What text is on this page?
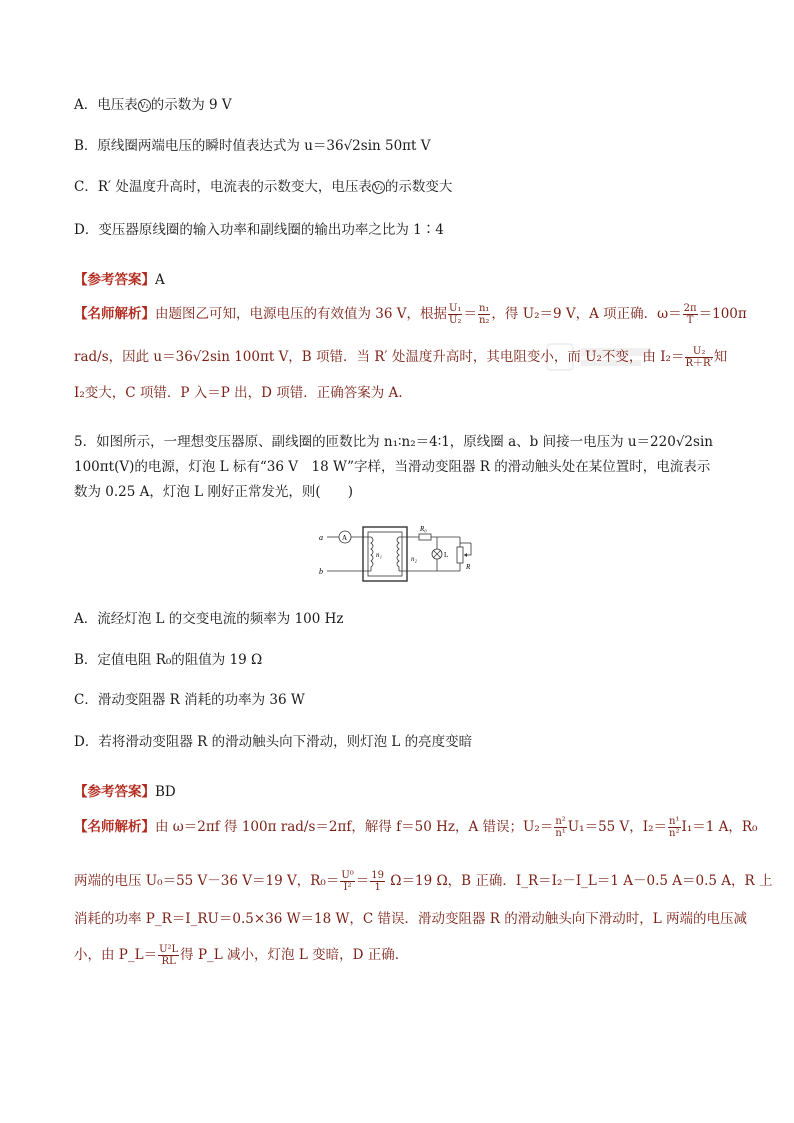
A．电压表 V₂ 的示数为 9 V
B．原线圈两端电压的瞬时值表达式为 u＝36√2sin 50πt V
C．R′ 处温度升高时，电流表的示数变大，电压表 V₂ 的示数变大
D．变压器原线圈的输入功率和副线圈的输出功率之比为 1∶4
【参考答案】A
【名师解析】由题图乙可知，电源电压的有效值为 36 V，根据 $\frac{\text{U₁}}{\text{U₂}} = \frac{\text{n₁}}{\text{n₂}}$ ，得 U₂＝9 V，A 项正确．$\omega= \frac{2\pi}{T} =100\pi$
rad/s，因此 u＝36√2sin 100πt V，B 项错．当 R′ 处温度升高时，其电阻变小，而 U₂不变，由 $I_2= \frac{\text{U₂}}{R+R'}$ 知
I₂变大，C 项错．P 入＝P 出，D 项错．正确答案为 A.
5．如图所示，一理想变压器原、副线圈的匝数比为 n₁∶n₂＝4∶1，原线圈 a、b 间接一电压为 u＝220√2sin
100πt(V)的电源，灯泡 L 标有“36 V　18 W”字样，当滑动变阻器 R 的滑动触头处在某位置时，电流表示
数为 0.25 A，灯泡 L 刚好正常发光，则(　　)
a
b
A
n₁
R₀
n₂	L
R
A．流经灯泡 L 的交变电流的频率为 100 Hz
B．定值电阻 R₀的阻值为 19 Ω
C．滑动变阻器 R 消耗的功率为 36 W
D．若将滑动变阻器 R 的滑动触头向下滑动，则灯泡 L 的亮度变暗
【参考答案】BD
【名师解析】由 ω＝2πf 得 100π rad/s＝2πf，解得 f＝50 Hz，A 错误；$U_2= \frac{\text{n²}}{\text{n¹}} U_1=55$ V，$I_2= \frac{\text{n¹}}{\text{n²}} I_1=1$ A，R₀
两端的电压 U₀＝55 V－36 V＝19 V，$R_0= \frac{\text{U⁰}}{\text{I²}} = \frac{19}{1} \Omega=19$ Ω，B 正确．I_R＝I₂－I_L＝1 A－0.5 A＝0.5 A，R 上
消耗的功率 P_R＝I_RU＝0.5×36 W＝18 W，C 错误．滑动变阻器 R 的滑动触头向下滑动时，L 两端的电压减
小，由 P_L＝ $\frac{\text{U²L}}{RL}$ 得 P_L 减小，灯泡 L 变暗，D 正确．
